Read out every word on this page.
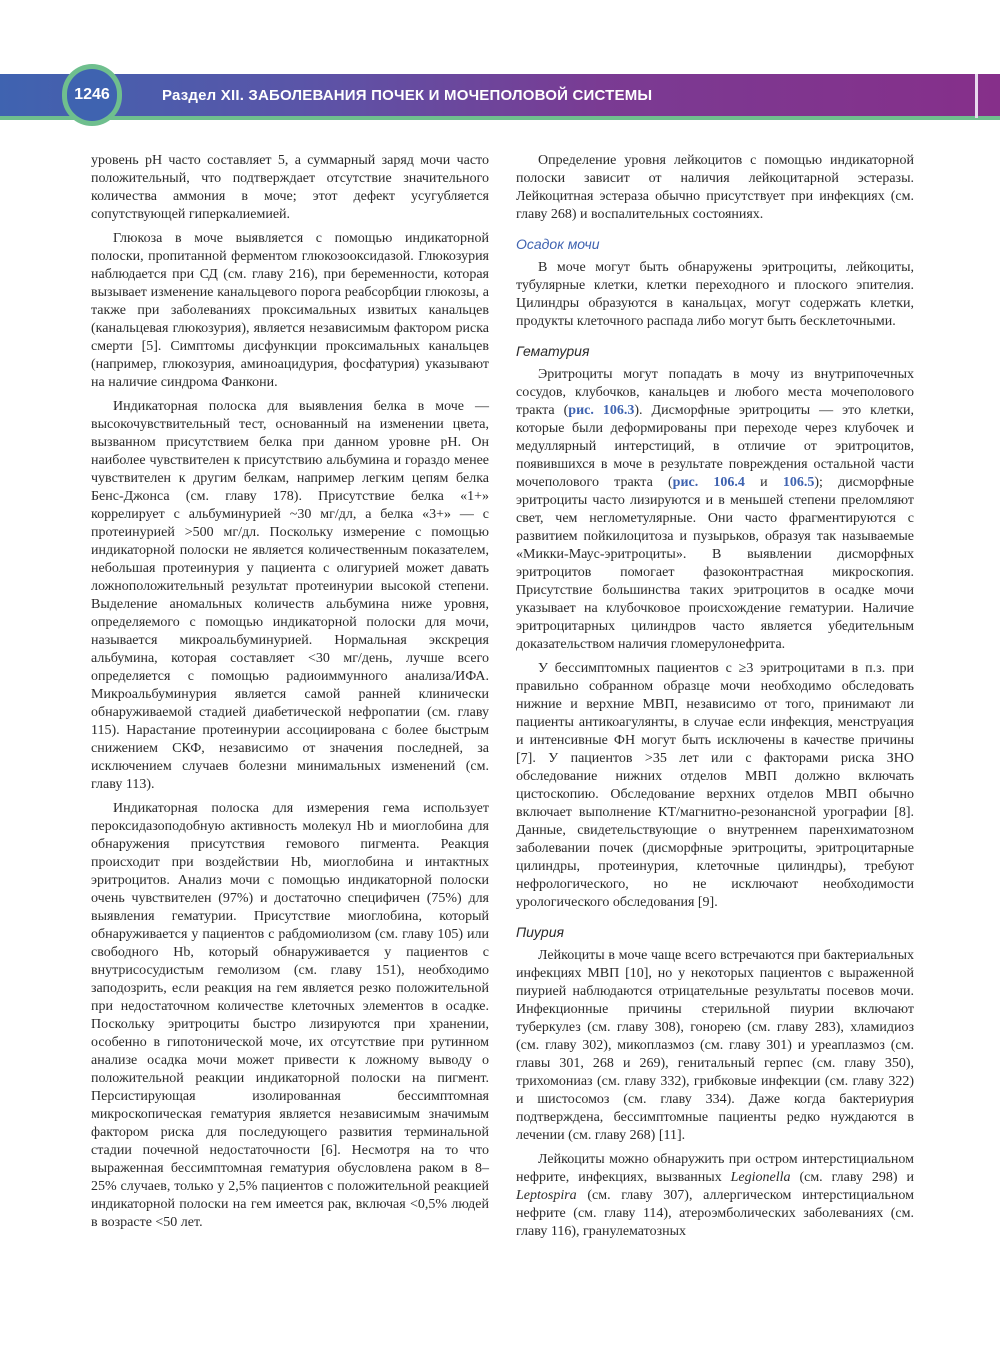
1246	Раздел XII. ЗАБОЛЕВАНИЯ ПОЧЕК И МОЧЕПОЛОВОЙ СИСТЕМЫ

уровень pH часто составляет 5, а суммарный заряд мочи часто положительный, что подтверждает отсутствие значительного количества аммония в моче; этот дефект усугубляется сопутствующей гиперкалиемией.

Глюкоза в моче выявляется с помощью индикаторной полоски, пропитанной ферментом глюкозооксидазой. Глюкозурия наблюдается при СД (см. главу 216), при беременности, которая вызывает изменение канальцевого порога реабсорбции глюкозы, а также при заболеваниях проксимальных извитых канальцев (канальцевая глюкозурия), является независимым фактором риска смерти [5]. Симптомы дисфункции проксимальных канальцев (например, глюкозурия, аминоацидурия, фосфатурия) указывают на наличие синдрома Фанкони.

Индикаторная полоска для выявления белка в моче — высокочувствительный тест, основанный на изменении цвета, вызванном присутствием белка при данном уровне pH. Он наиболее чувствителен к присутствию альбумина и гораздо менее чувствителен к другим белкам, например легким цепям белка Бенс-Джонса (см. главу 178). Присутствие белка «1+» коррелирует с альбуминурией ~30 мг/дл, а белка «3+» — с протеинурией >500 мг/дл. Поскольку измерение с помощью индикаторной полоски не является количественным показателем, небольшая протеинурия у пациента с олигурией может давать ложноположительный результат протеинурии высокой степени. Выделение аномальных количеств альбумина ниже уровня, определяемого с помощью индикаторной полоски для мочи, называется микроальбуминурией. Нормальная экскреция альбумина, которая составляет <30 мг/день, лучше всего определяется с помощью радиоиммунного анализа/ИФА. Микроальбуминурия является самой ранней клинически обнаруживаемой стадией диабетической нефропатии (см. главу 115). Нарастание протеинурии ассоциирована с более быстрым снижением СКФ, независимо от значения последней, за исключением случаев болезни минимальных изменений (см. главу 113).

Индикаторная полоска для измерения гема использует пероксидазоподобную активность молекул Hb и миоглобина для обнаружения присутствия гемового пигмента. Реакция происходит при воздействии Hb, миоглобина и интактных эритроцитов. Анализ мочи с помощью индикаторной полоски очень чувствителен (97%) и достаточно специфичен (75%) для выявления гематурии. Присутствие миоглобина, который обнаруживается у пациентов с рабдомиолизом (см. главу 105) или свободного Hb, который обнаруживается у пациентов с внутрисосудистым гемолизом (см. главу 151), необходимо заподозрить, если реакция на гем является резко положительной при недостаточном количестве клеточных элементов в осадке. Поскольку эритроциты быстро лизируются при хранении, особенно в гипотонической моче, их отсутствие при рутинном анализе осадка мочи может привести к ложному выводу о положительной реакции индикаторной полоски на пигмент. Персистирующая изолированная бессимптомная микроскопическая гематурия является независимым значимым фактором риска для последующего развития терминальной стадии почечной недостаточности [6]. Несмотря на то что выраженная бессимптомная гематурия обусловлена раком в 8–25% случаев, только у 2,5% пациентов с положительной реакцией индикаторной полоски на гем имеется рак, включая <0,5% людей в возрасте <50 лет.

Определение уровня лейкоцитов с помощью индикаторной полоски зависит от наличия лейкоцитарной эстеразы. Лейкоцитная эстераза обычно присутствует при инфекциях (см. главу 268) и воспалительных состояниях.

Осадок мочи

В моче могут быть обнаружены эритроциты, лейкоциты, тубулярные клетки, клетки переходного и плоского эпителия. Цилиндры образуются в канальцах, могут содержать клетки, продукты клеточного распада либо могут быть бесклеточными.

Гематурия

Эритроциты могут попадать в мочу из внутрипочечных сосудов, клубочков, канальцев и любого места мочеполового тракта (рис. 106.3). Дисморфные эритроциты — это клетки, которые были деформированы при переходе через клубочек и медуллярный интерстиций, в отличие от эритроцитов, появившихся в моче в результате повреждения остальной части мочеполового тракта (рис. 106.4 и 106.5); дисморфные эритроциты часто лизируются и в меньшей степени преломляют свет, чем неглометулярные. Они часто фрагментируются с развитием пойкилоцитоза и пузырьков, образуя так называемые «Микки-Маус-эритроциты». В выявлении дисморфных эритроцитов помогает фазоконтрастная микроскопия. Присутствие большинства таких эритроцитов в осадке мочи указывает на клубочковое происхождение гематурии. Наличие эритроцитарных цилиндров часто является убедительным доказательством наличия гломерулонефрита.

У бессимптомных пациентов с ≥3 эритроцитами в п.з. при правильно собранном образце мочи необходимо обследовать нижние и верхние МВП, независимо от того, принимают ли пациенты антикоагулянты, в случае если инфекция, менструация и интенсивные ФН могут быть исключены в качестве причины [7]. У пациентов >35 лет или с факторами риска ЗНО обследование нижних отделов МВП должно включать цистоскопию. Обследование верхних отделов МВП обычно включает выполнение КТ/магнитно-резонансной урографии [8]. Данные, свидетельствующие о внутреннем паренхиматозном заболевании почек (дисморфные эритроциты, эритроцитарные цилиндры, протеинурия, клеточные цилиндры), требуют нефрологического, но не исключают необходимости урологического обследования [9].

Пиурия

Лейкоциты в моче чаще всего встречаются при бактериальных инфекциях МВП [10], но у некоторых пациентов с выраженной пиурией наблюдаются отрицательные результаты посевов мочи. Инфекционные причины стерильной пиурии включают туберкулез (см. главу 308), гонорею (см. главу 283), хламидиоз (см. главу 302), микоплазмоз (см. главу 301) и уреаплазмоз (см. главы 301, 268 и 269), генитальный герпес (см. главу 350), трихомониаз (см. главу 332), грибковые инфекции (см. главу 322) и шистосомоз (см. главу 334). Даже когда бактериурия подтверждена, бессимптомные пациенты редко нуждаются в лечении (см. главу 268) [11].

Лейкоциты можно обнаружить при остром интерстициальном нефрите, инфекциях, вызванных Legionella (см. главу 298) и Leptospira (см. главу 307), аллергическом интерстициальном нефрите (см. главу 114), атероэмболических заболеваниях (см. главу 116), гранулематозных
